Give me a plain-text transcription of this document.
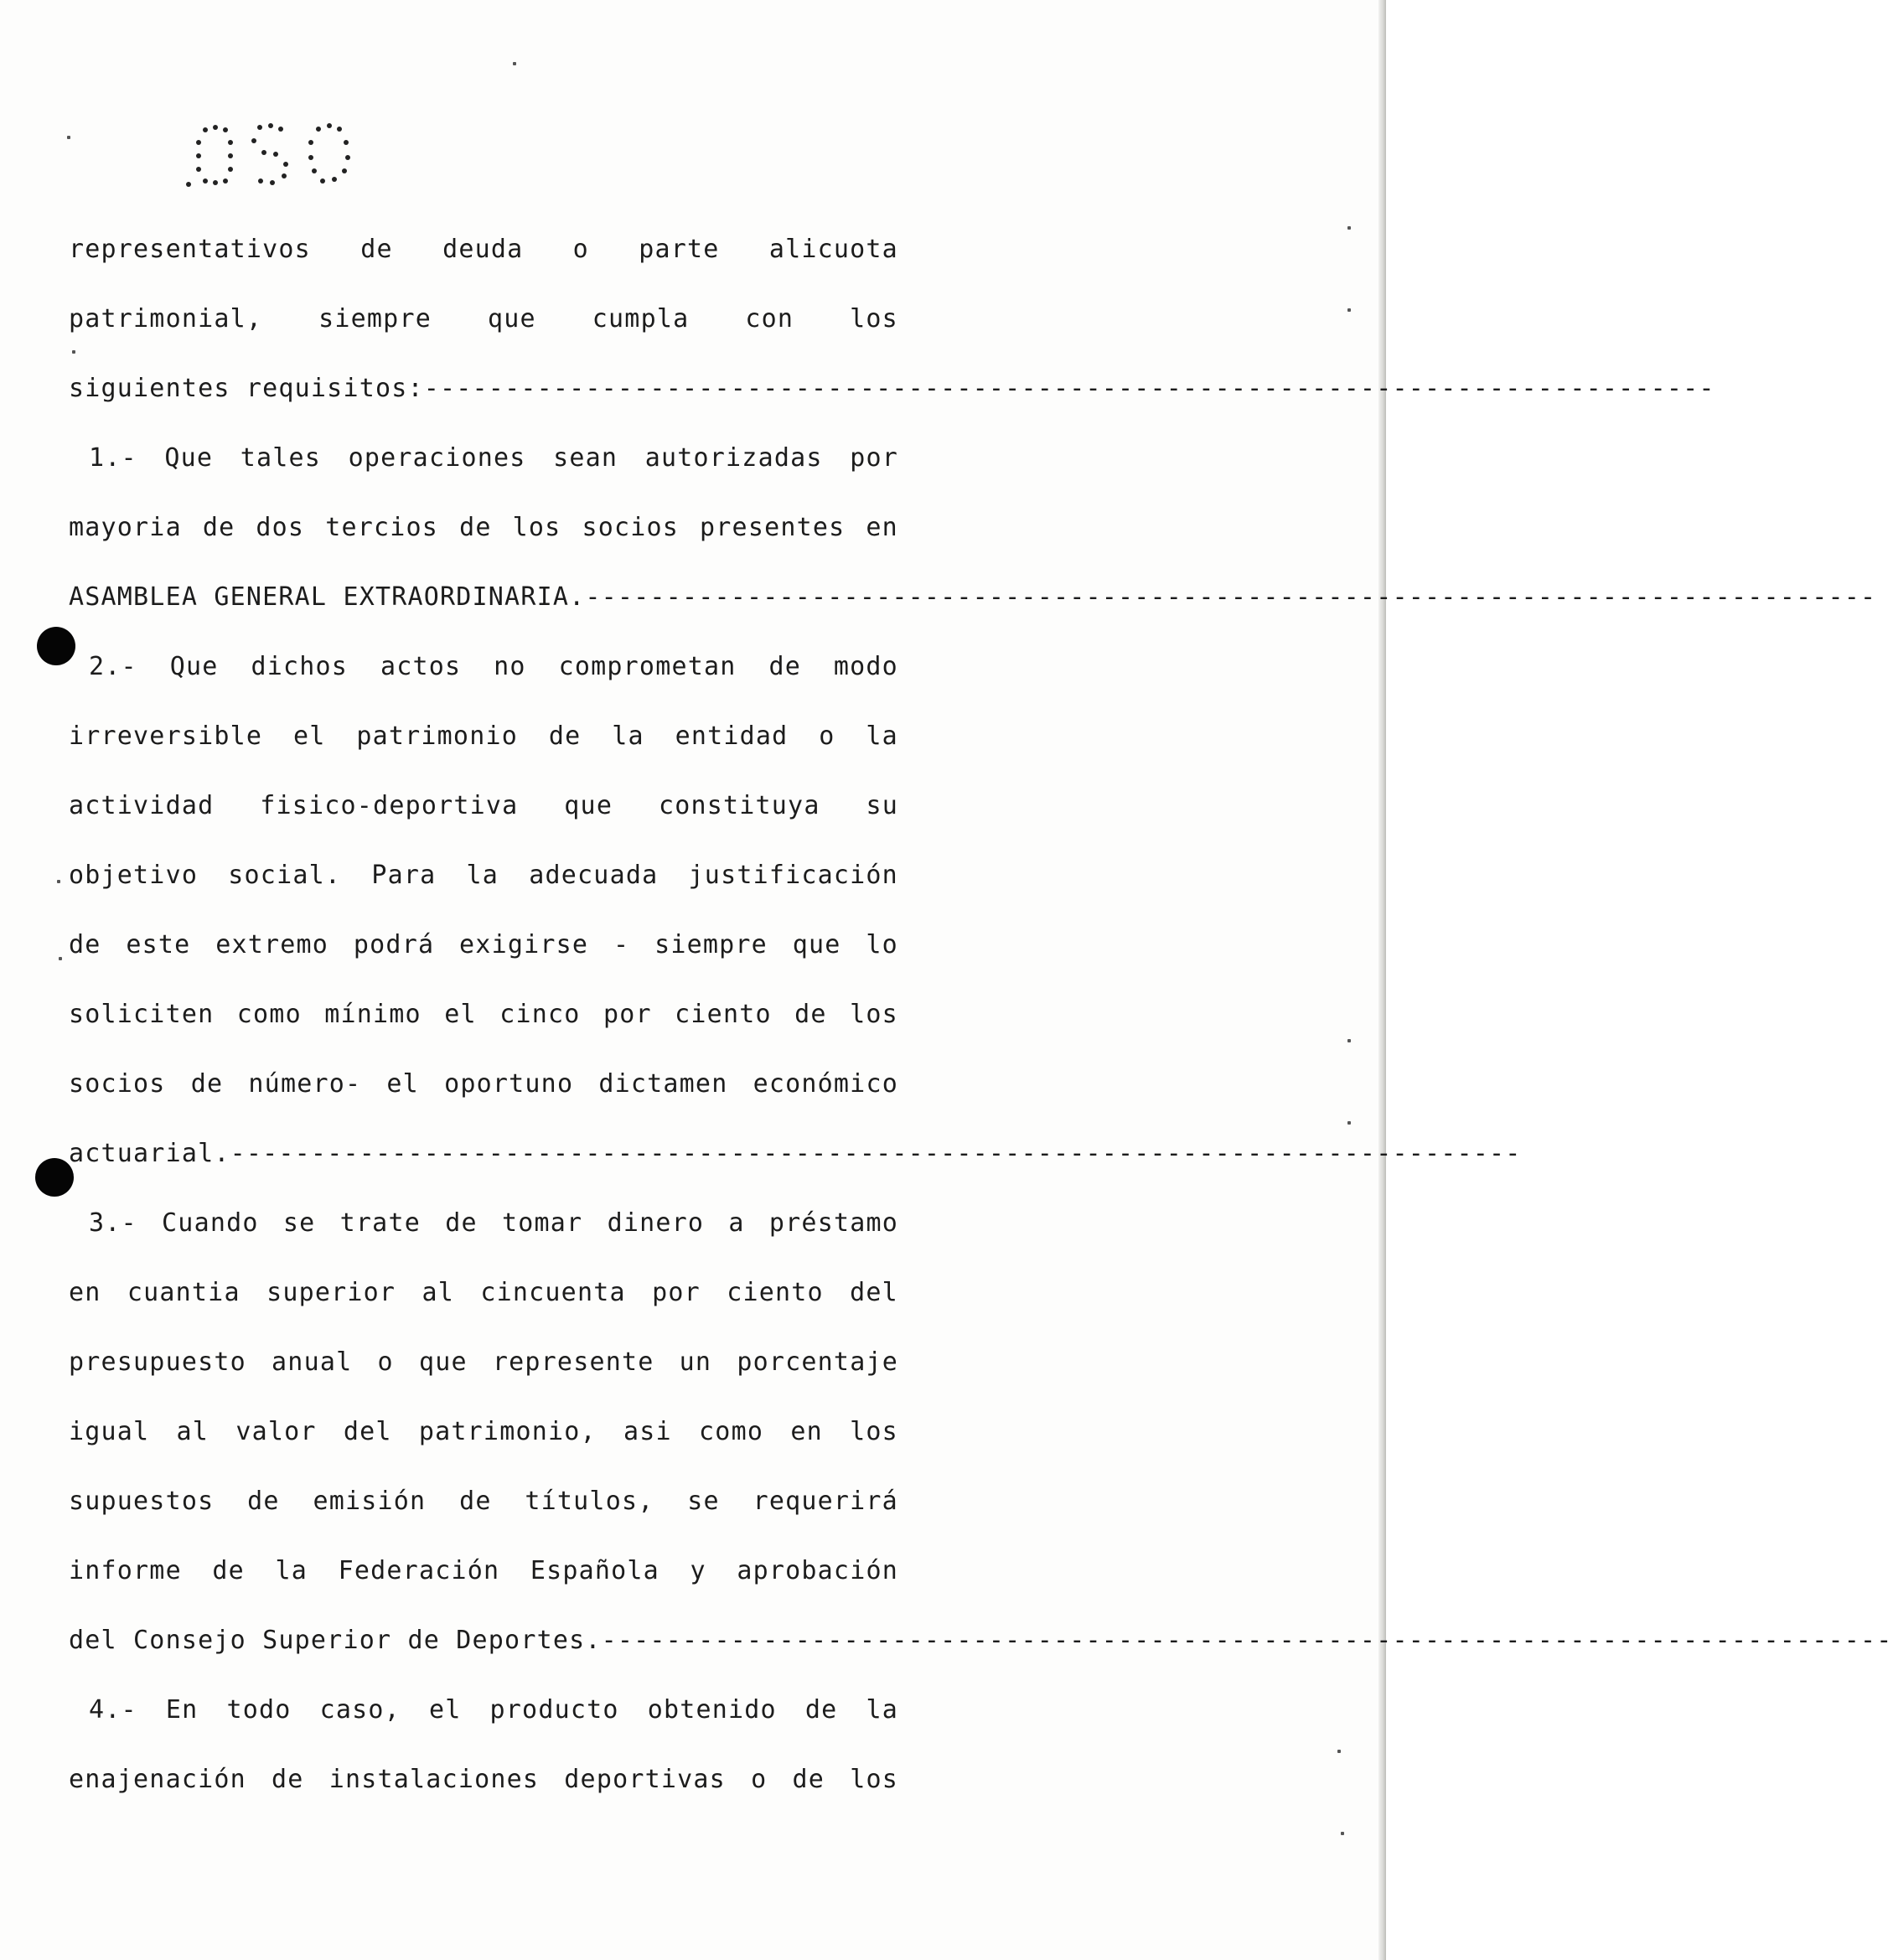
representativos de deuda o parte alicuota
patrimonial, siempre que cumpla con los
siguientes requisitos: --------------------------------------------------------------------------------
1.- Que tales operaciones sean autorizadas por
mayoria de dos tercios de los socios presentes en
ASAMBLEA GENERAL EXTRAORDINARIA. --------------------------------------------------------------------------------
2.- Que dichos actos no comprometan de modo
irreversible el patrimonio de la entidad o la
actividad fisico-deportiva que constituya su
objetivo social. Para la adecuada justificación
de este extremo podrá exigirse - siempre que lo
soliciten como mínimo el cinco por ciento de los
socios de número- el oportuno dictamen económico
actuarial. --------------------------------------------------------------------------------
3.- Cuando se trate de tomar dinero a préstamo
en cuantia superior al cincuenta por ciento del
presupuesto anual o que represente un porcentaje
igual al valor del patrimonio, asi como en los
supuestos de emisión de títulos, se requerirá
informe de la Federación Española y aprobación
del Consejo Superior de Deportes. --------------------------------------------------------------------------------
4.- En todo caso, el producto obtenido de la
enajenación de instalaciones deportivas o de los
